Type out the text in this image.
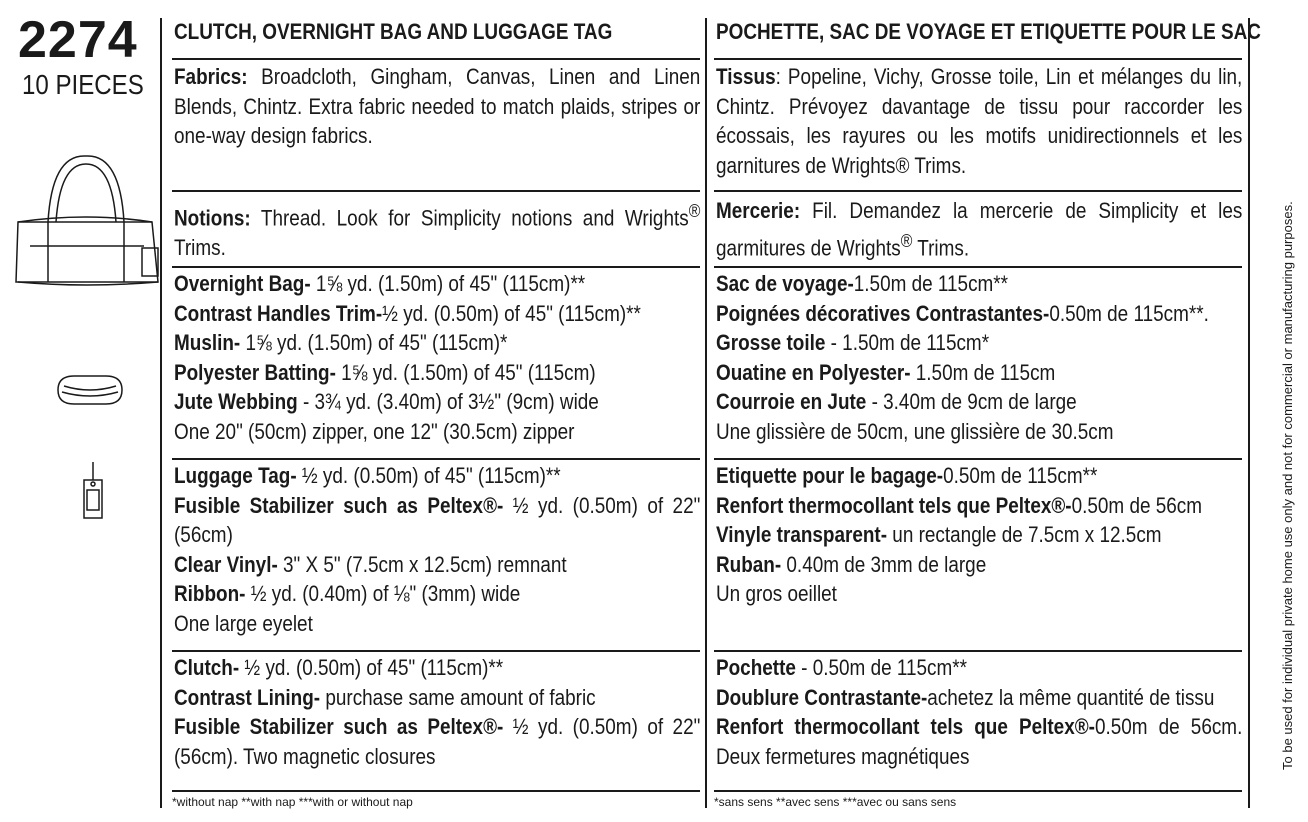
2274
10 PIECES
CLUTCH, OVERNIGHT BAG AND LUGGAGE TAG
Fabrics: Broadcloth, Gingham, Canvas, Linen and Linen Blends, Chintz. Extra fabric needed to match plaids, stripes or one-way design fabrics.
Notions: Thread. Look for Simplicity notions and Wrights® Trims.
Overnight Bag- 1⅝ yd. (1.50m) of 45" (115cm)**
Contrast Handles Trim-½ yd. (0.50m) of 45" (115cm)**
Muslin- 1⅝ yd. (1.50m) of 45" (115cm)*
Polyester Batting- 1⅝ yd. (1.50m) of 45" (115cm)
Jute Webbing - 3¾ yd. (3.40m) of 3½" (9cm) wide
One 20" (50cm) zipper, one 12" (30.5cm) zipper
Luggage Tag- ½ yd. (0.50m) of 45" (115cm)**
Fusible Stabilizer such as Peltex®- ½ yd. (0.50m) of 22" (56cm)
Clear Vinyl- 3" X 5" (7.5cm x 12.5cm) remnant
Ribbon- ½ yd. (0.40m) of ⅛" (3mm) wide
One large eyelet
Clutch- ½ yd. (0.50m) of 45" (115cm)**
Contrast Lining- purchase same amount of fabric
Fusible Stabilizer such as Peltex®- ½ yd. (0.50m) of 22" (56cm). Two magnetic closures
*without nap **with nap ***with or without nap
POCHETTE, SAC DE VOYAGE ET ETIQUETTE POUR LE SAC
Tissus: Popeline, Vichy, Grosse toile, Lin et mélanges du lin, Chintz. Prévoyez davantage de tissu pour raccorder les écossais, les rayures ou les motifs unidirectionnels et les garnitures de Wrights® Trims.
Mercerie: Fil. Demandez la mercerie de Simplicity et les garmitures de Wrights® Trims.
Sac de voyage-1.50m de 115cm**
Poignées décoratives Contrastantes-0.50m de 115cm**.
Grosse toile - 1.50m de 115cm*
Ouatine en Polyester- 1.50m de 115cm
Courroie en Jute - 3.40m de 9cm de large
Une glissière de 50cm, une glissière de 30.5cm
Etiquette pour le bagage-0.50m de 115cm**
Renfort thermocollant tels que Peltex®-0.50m de 56cm
Vinyle transparent- un rectangle de 7.5cm x 12.5cm
Ruban- 0.40m de 3mm de large
Un gros oeillet
Pochette - 0.50m de 115cm**
Doublure Contrastante-achetez la même quantité de tissu
Renfort thermocollant tels que Peltex®-0.50m de 56cm. Deux fermetures magnétiques
*sans sens **avec sens ***avec ou sans sens
To be used for individual private home use only and not for commercial or manufacturing purposes.
